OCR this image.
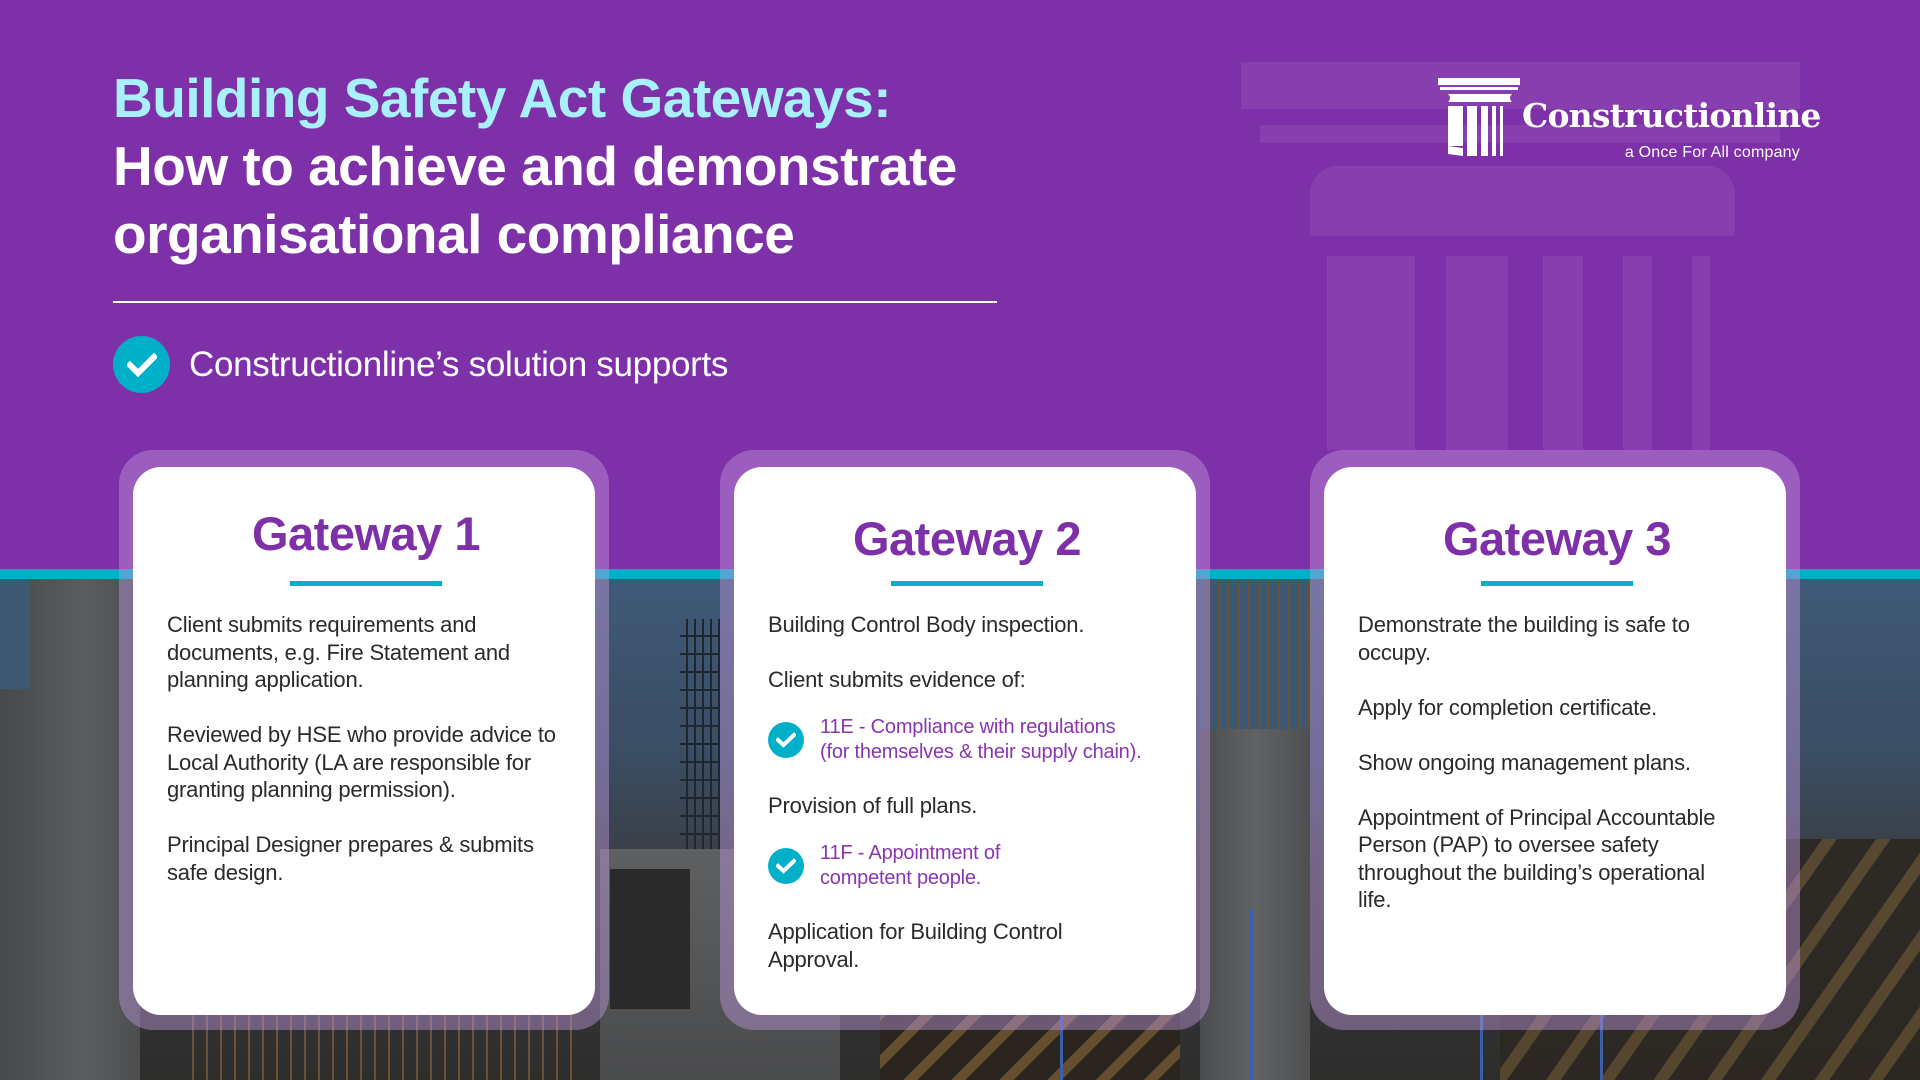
Building Safety Act Gateways:
How to achieve and demonstrate
organisational compliance
Constructionline’s solution supports
Constructionline
a Once For All company
Gateway 1

Client submits requirements and documents, e.g. Fire Statement and planning application.

Reviewed by HSE who provide advice to Local Authority (LA are responsible for granting planning permission).

Principal Designer prepares & submits safe design.

Gateway 2

Building Control Body inspection.

Client submits evidence of:

11E - Compliance with regulations
(for themselves & their supply chain).

Provision of full plans.

11F - Appointment of
competent people.

Application for Building Control Approval.

Gateway 3

Demonstrate the building is safe to occupy.

Apply for completion certificate.

Show ongoing management plans.

Appointment of Principal Accountable Person (PAP) to oversee safety throughout the building’s operational life.
